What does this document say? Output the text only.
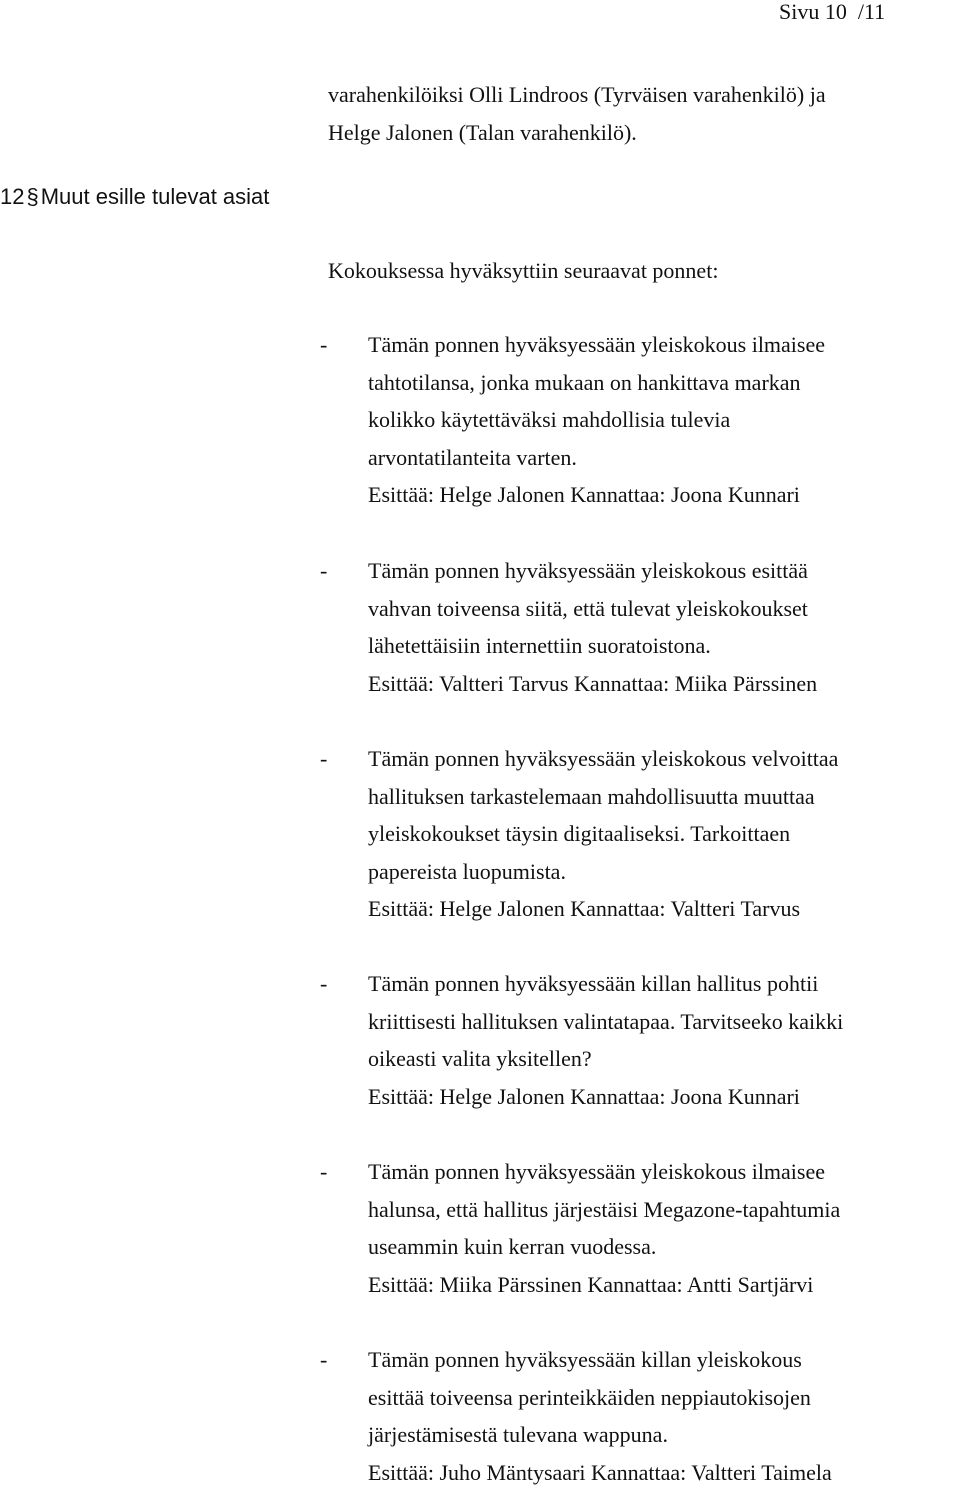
Sivu 10  /11
varahenkilöiksi Olli Lindroos (Tyrväisen varahenkilö) ja
Helge Jalonen (Talan varahenkilö).
12§Muut esille tulevat asiat
Kokouksessa hyväksyttiin seuraavat ponnet:
- Tämän ponnen hyväksyessään yleiskokous ilmaisee
tahtotilansa, jonka mukaan on hankittava markan
kolikko käytettäväksi mahdollisia tulevia
arvontatilanteita varten.
Esittää: Helge Jalonen Kannattaa: Joona Kunnari
- Tämän ponnen hyväksyessään yleiskokous esittää
vahvan toiveensa siitä, että tulevat yleiskokoukset
lähetettäisiin internettiin suoratoistona.
Esittää: Valtteri Tarvus Kannattaa: Miika Pärssinen
- Tämän ponnen hyväksyessään yleiskokous velvoittaa
hallituksen tarkastelemaan mahdollisuutta muuttaa
yleiskokoukset täysin digitaaliseksi. Tarkoittaen
papereista luopumista.
Esittää: Helge Jalonen Kannattaa: Valtteri Tarvus
- Tämän ponnen hyväksyessään killan hallitus pohtii
kriittisesti hallituksen valintatapaa. Tarvitseeko kaikki
oikeasti valita yksitellen?
Esittää: Helge Jalonen Kannattaa: Joona Kunnari
- Tämän ponnen hyväksyessään yleiskokous ilmaisee
halunsa, että hallitus järjestäisi Megazone-tapahtumia
useammin kuin kerran vuodessa.
Esittää: Miika Pärssinen Kannattaa: Antti Sartjärvi
- Tämän ponnen hyväksyessään killan yleiskokous
esittää toiveensa perinteikkäiden neppiautokisojen
järjestämisestä tulevana wappuna.
Esittää: Juho Mäntysaari Kannattaa: Valtteri Taimela
